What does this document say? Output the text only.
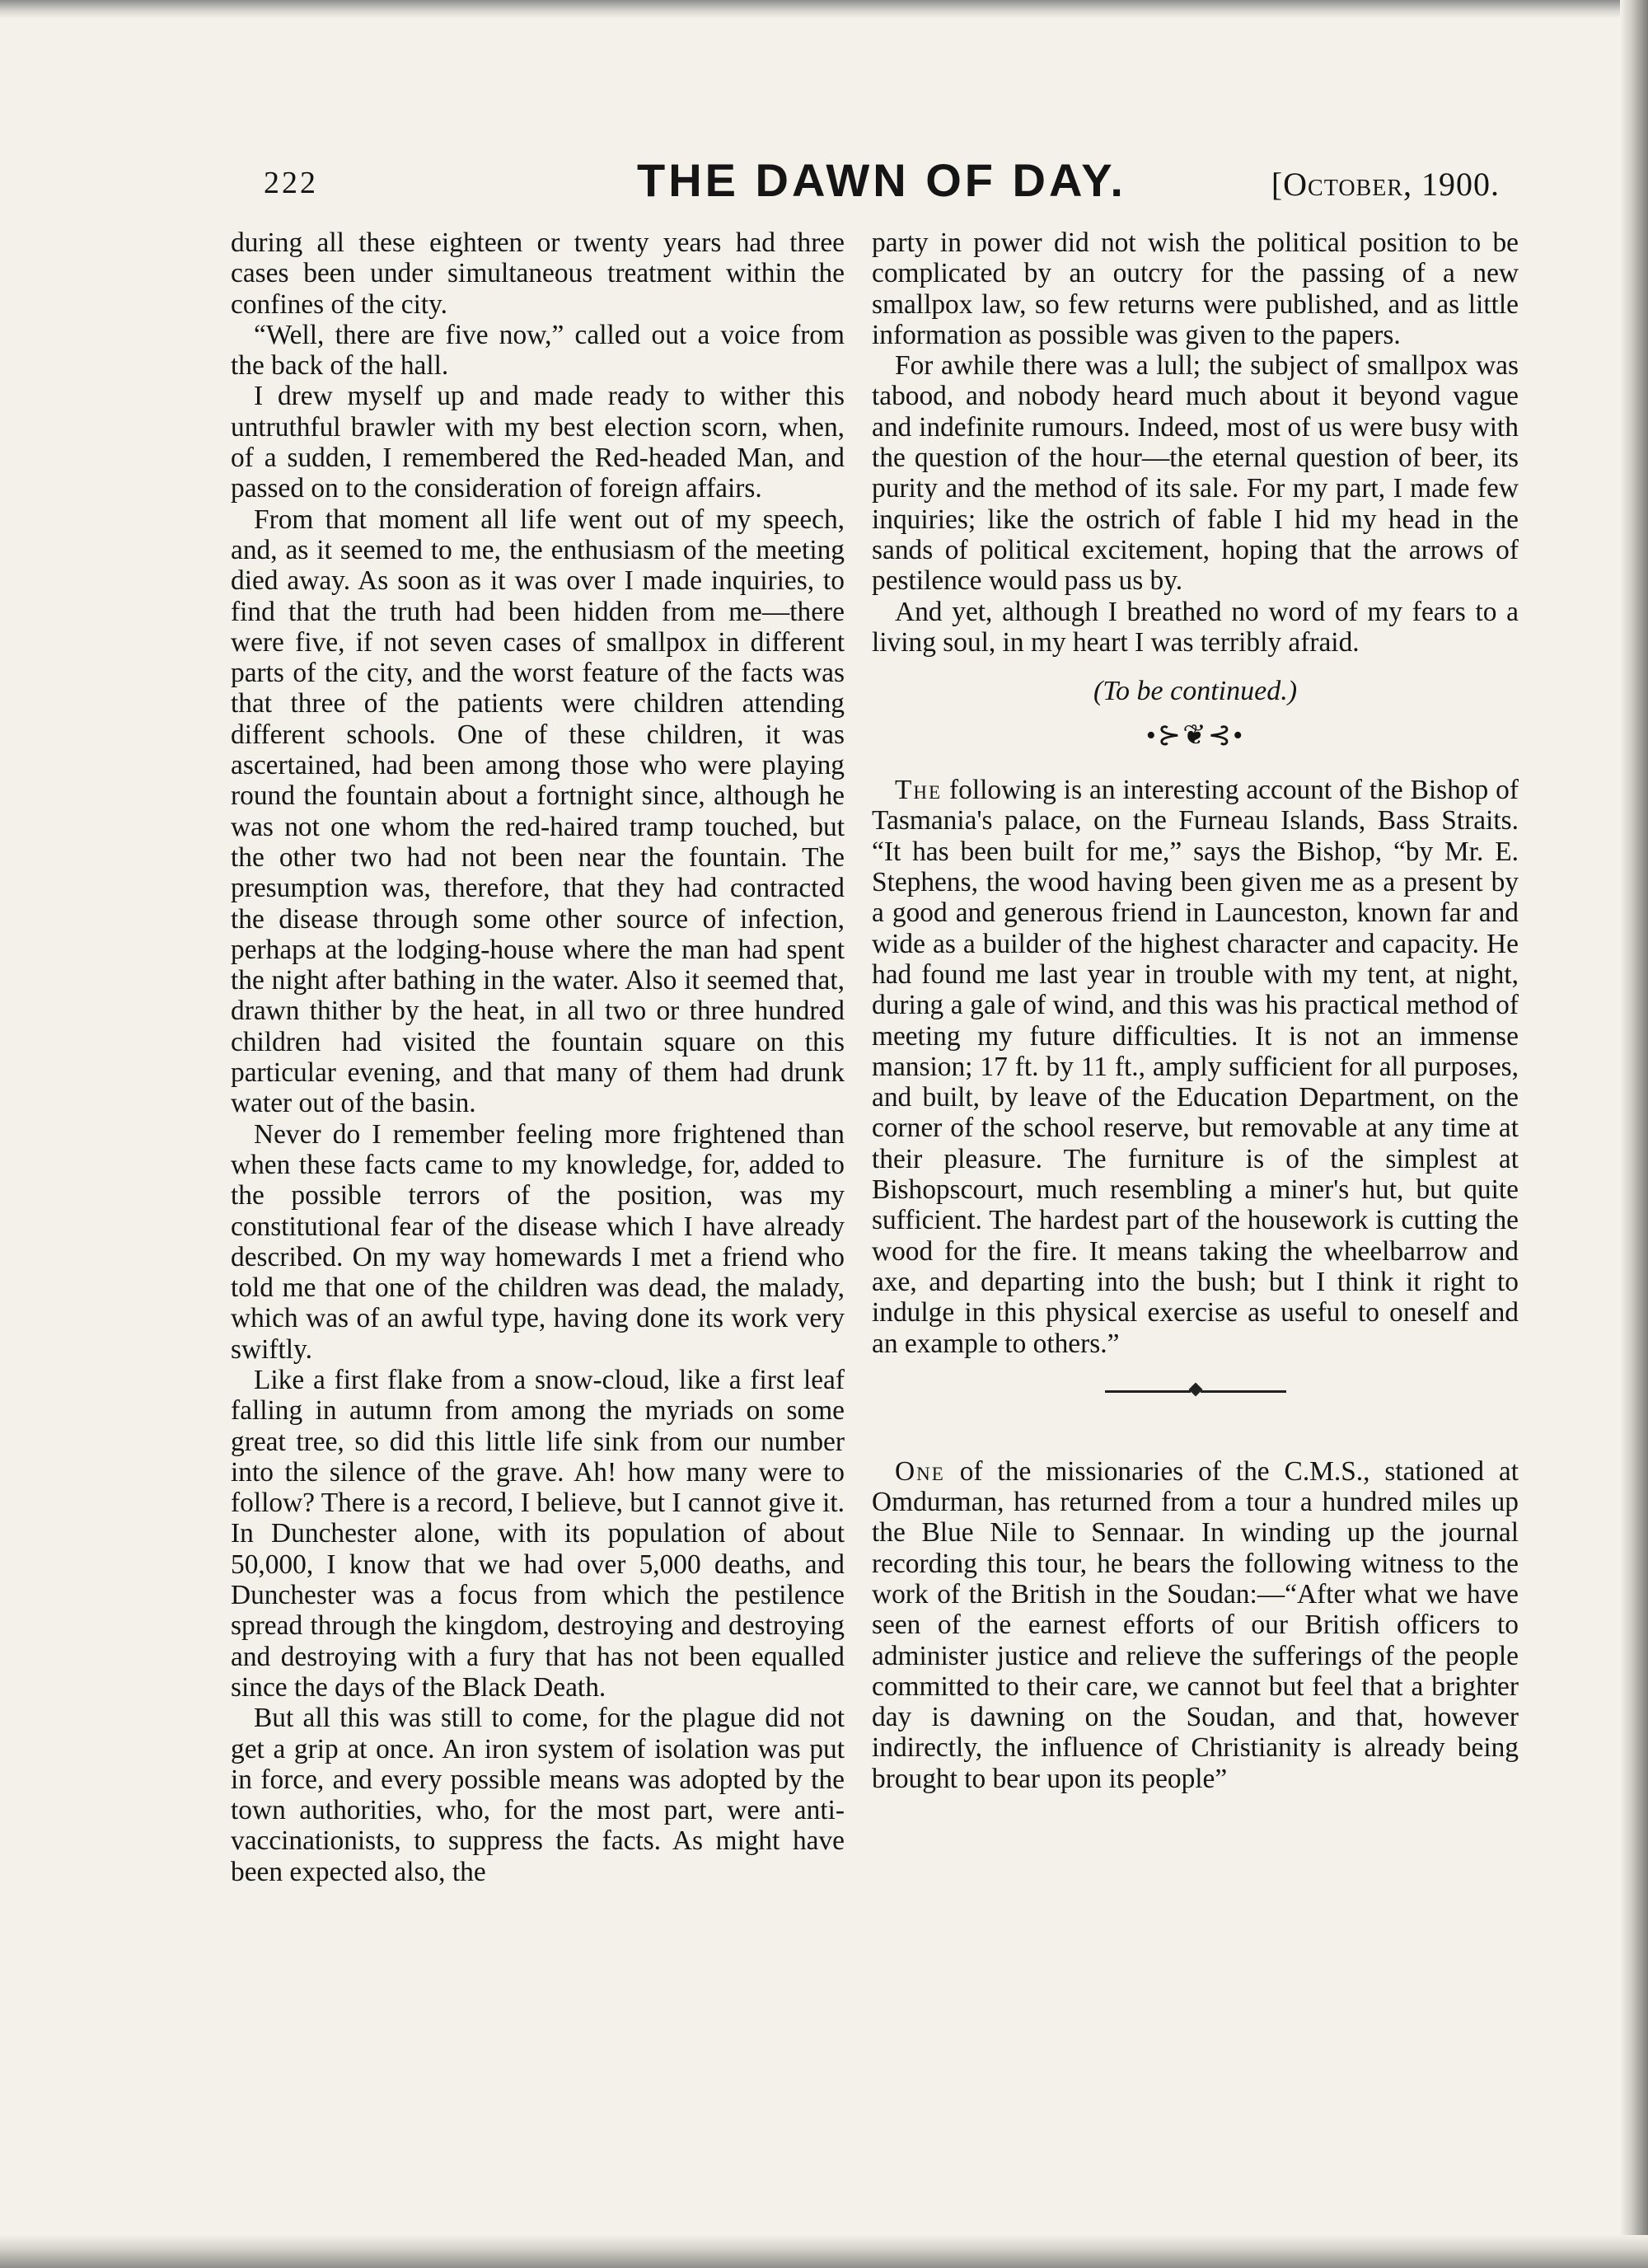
222	THE DAWN OF DAY.	[October, 1900.

during all these eighteen or twenty years had three cases been under simultaneous treatment within the confines of the city.

“Well, there are five now,” called out a voice from the back of the hall.

I drew myself up and made ready to wither this untruthful brawler with my best election scorn, when, of a sudden, I remembered the Red-headed Man, and passed on to the consideration of foreign affairs.

From that moment all life went out of my speech, and, as it seemed to me, the enthusiasm of the meeting died away. As soon as it was over I made inquiries, to find that the truth had been hidden from me—there were five, if not seven cases of smallpox in different parts of the city, and the worst feature of the facts was that three of the patients were children attending different schools. One of these children, it was ascertained, had been among those who were playing round the fountain about a fortnight since, although he was not one whom the red-haired tramp touched, but the other two had not been near the fountain. The presumption was, therefore, that they had contracted the disease through some other source of infection, perhaps at the lodging-house where the man had spent the night after bathing in the water. Also it seemed that, drawn thither by the heat, in all two or three hundred children had visited the fountain square on this particular evening, and that many of them had drunk water out of the basin.

Never do I remember feeling more frightened than when these facts came to my knowledge, for, added to the possible terrors of the position, was my constitutional fear of the disease which I have already described. On my way homewards I met a friend who told me that one of the children was dead, the malady, which was of an awful type, having done its work very swiftly.

Like a first flake from a snow-cloud, like a first leaf falling in autumn from among the myriads on some great tree, so did this little life sink from our number into the silence of the grave. Ah! how many were to follow? There is a record, I believe, but I cannot give it. In Dunchester alone, with its population of about 50,000, I know that we had over 5,000 deaths, and Dunchester was a focus from which the pestilence spread through the kingdom, destroying and destroying and destroying with a fury that has not been equalled since the days of the Black Death.

But all this was still to come, for the plague did not get a grip at once. An iron system of isolation was put in force, and every possible means was adopted by the town authorities, who, for the most part, were anti-vaccinationists, to suppress the facts. As might have been expected also, the

party in power did not wish the political position to be complicated by an outcry for the passing of a new smallpox law, so few returns were published, and as little information as possible was given to the papers.

For awhile there was a lull; the subject of smallpox was tabood, and nobody heard much about it beyond vague and indefinite rumours. Indeed, most of us were busy with the question of the hour—the eternal question of beer, its purity and the method of its sale. For my part, I made few inquiries; like the ostrich of fable I hid my head in the sands of political excitement, hoping that the arrows of pestilence would pass us by.

And yet, although I breathed no word of my fears to a living soul, in my heart I was terribly afraid.

(To be continued.)
•⊱❦⊰•

The following is an interesting account of the Bishop of Tasmania's palace, on the Furneau Islands, Bass Straits. “It has been built for me,” says the Bishop, “by Mr. E. Stephens, the wood having been given me as a present by a good and generous friend in Launceston, known far and wide as a builder of the highest character and capacity. He had found me last year in trouble with my tent, at night, during a gale of wind, and this was his practical method of meeting my future difficulties. It is not an immense mansion; 17 ft. by 11 ft., amply sufficient for all purposes, and built, by leave of the Education Department, on the corner of the school reserve, but removable at any time at their pleasure. The furniture is of the simplest at Bishopscourt, much resembling a miner's hut, but quite sufficient. The hardest part of the housework is cutting the wood for the fire. It means taking the wheelbarrow and axe, and departing into the bush; but I think it right to indulge in this physical exercise as useful to oneself and an example to others.”

One of the missionaries of the C.M.S., stationed at Omdurman, has returned from a tour a hundred miles up the Blue Nile to Sennaar. In winding up the journal recording this tour, he bears the following witness to the work of the British in the Soudan:—“After what we have seen of the earnest efforts of our British officers to administer justice and relieve the sufferings of the people committed to their care, we cannot but feel that a brighter day is dawning on the Soudan, and that, however indirectly, the influence of Christianity is already being brought to bear upon its people”
